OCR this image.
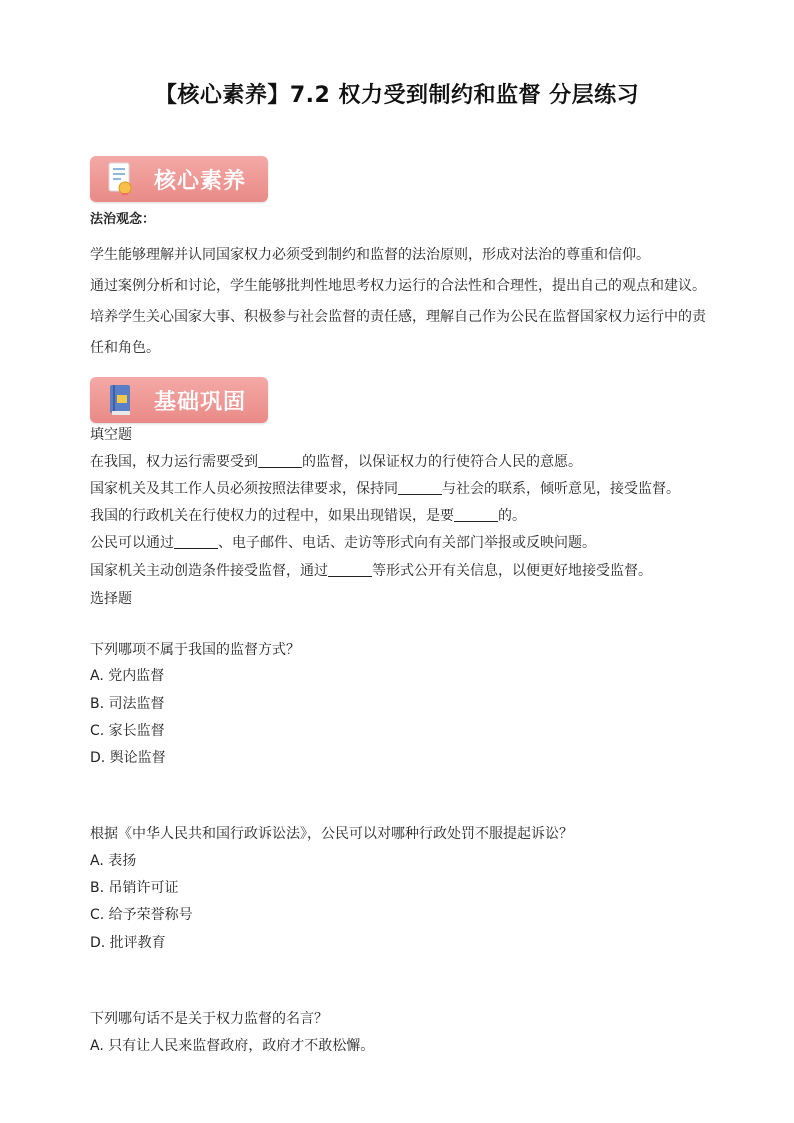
【核心素养】7.2 权力受到制约和监督 分层练习
核心素养
法治观念：
学生能够理解并认同国家权力必须受到制约和监督的法治原则，形成对法治的尊重和信仰。
通过案例分析和讨论，学生能够批判性地思考权力运行的合法性和合理性，提出自己的观点和建议。
培养学生关心国家大事、积极参与社会监督的责任感，理解自己作为公民在监督国家权力运行中的责任和角色。
基础巩固
填空题
在我国，权力运行需要受到	的监督，以保证权力的行使符合人民的意愿。
国家机关及其工作人员必须按照法律要求，保持同	与社会的联系，倾听意见，接受监督。
我国的行政机关在行使权力的过程中，如果出现错误，是要	的。
公民可以通过	、电子邮件、电话、走访等形式向有关部门举报或反映问题。
国家机关主动创造条件接受监督，通过	等形式公开有关信息，以便更好地接受监督。
选择题
下列哪项不属于我国的监督方式？
A. 党内监督
B. 司法监督
C. 家长监督
D. 舆论监督
根据《中华人民共和国行政诉讼法》，公民可以对哪种行政处罚不服提起诉讼？
A. 表扬
B. 吊销许可证
C. 给予荣誉称号
D. 批评教育
下列哪句话不是关于权力监督的名言？
A. 只有让人民来监督政府，政府才不敢松懈。
